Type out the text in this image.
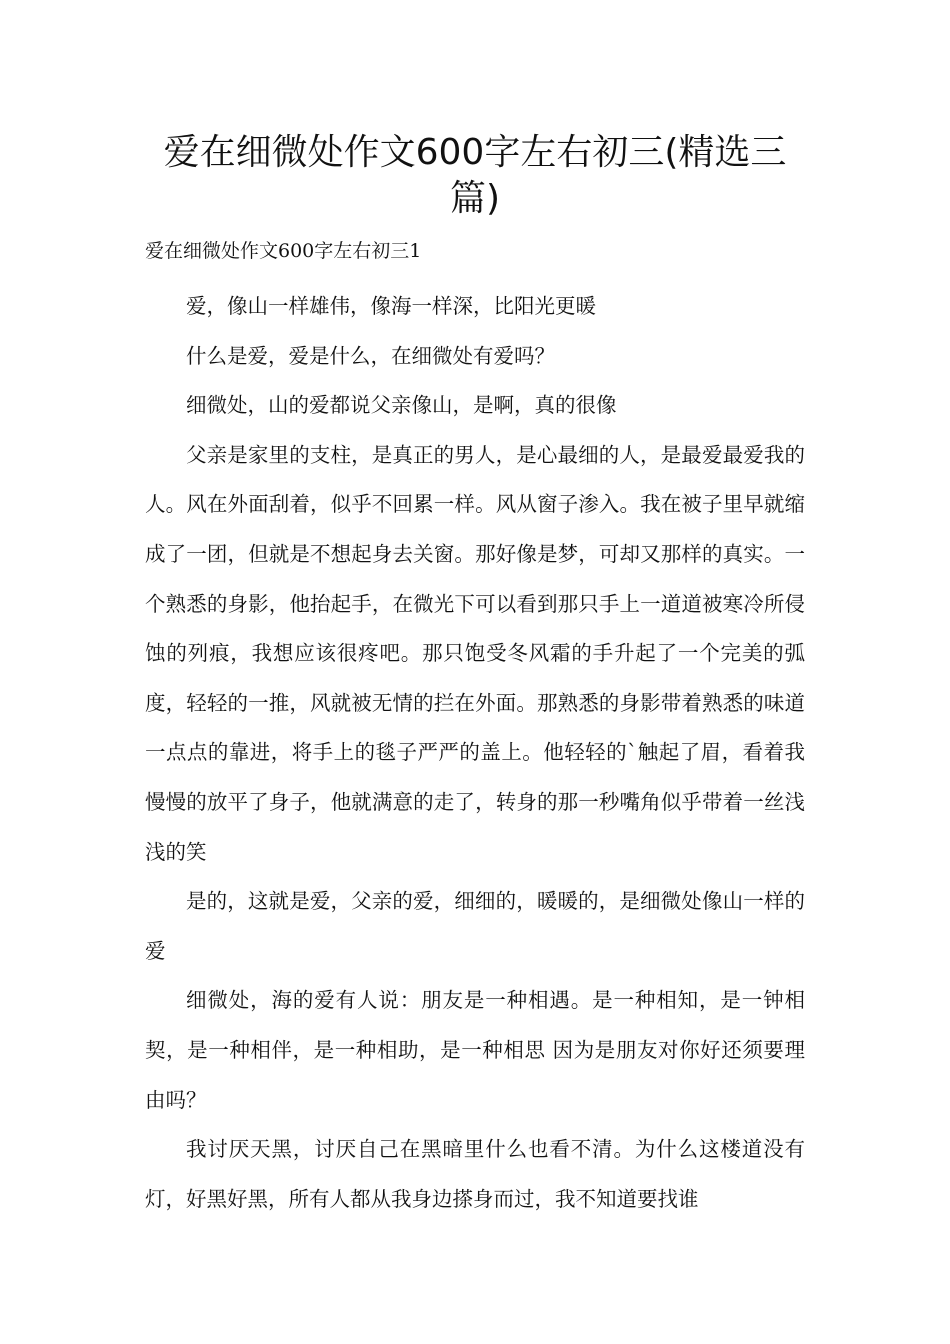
爱在细微处作文600字左右初三(精选三篇)
爱在细微处作文600字左右初三1

爱，像山一样雄伟，像海一样深，比阳光更暖

什么是爱，爱是什么，在细微处有爱吗？

细微处，山的爱都说父亲像山，是啊，真的很像

父亲是家里的支柱，是真正的男人，是心最细的人，是最爱最爱我的人。风在外面刮着，似乎不回累一样。风从窗子渗入。我在被子里早就缩成了一团，但就是不想起身去关窗。那好像是梦，可却又那样的真实。一个熟悉的身影，他抬起手，在微光下可以看到那只手上一道道被寒冷所侵蚀的列痕，我想应该很疼吧。那只饱受冬风霜的手升起了一个完美的弧度，轻轻的一推，风就被无情的拦在外面。那熟悉的身影带着熟悉的味道一点点的靠进，将手上的毯子严严的盖上。他轻轻的`触起了眉，看着我慢慢的放平了身子，他就满意的走了，转身的那一秒嘴角似乎带着一丝浅浅的笑

是的，这就是爱，父亲的爱，细细的，暖暖的，是细微处像山一样的爱

细微处，海的爱有人说：朋友是一种相遇。是一种相知，是一钟相契，是一种相伴，是一种相助，是一种相思 因为是朋友对你好还须要理由吗？

我讨厌天黑，讨厌自己在黑暗里什么也看不清。为什么这楼道没有灯，好黑好黑，所有人都从我身边搽身而过，我不知道要找谁
